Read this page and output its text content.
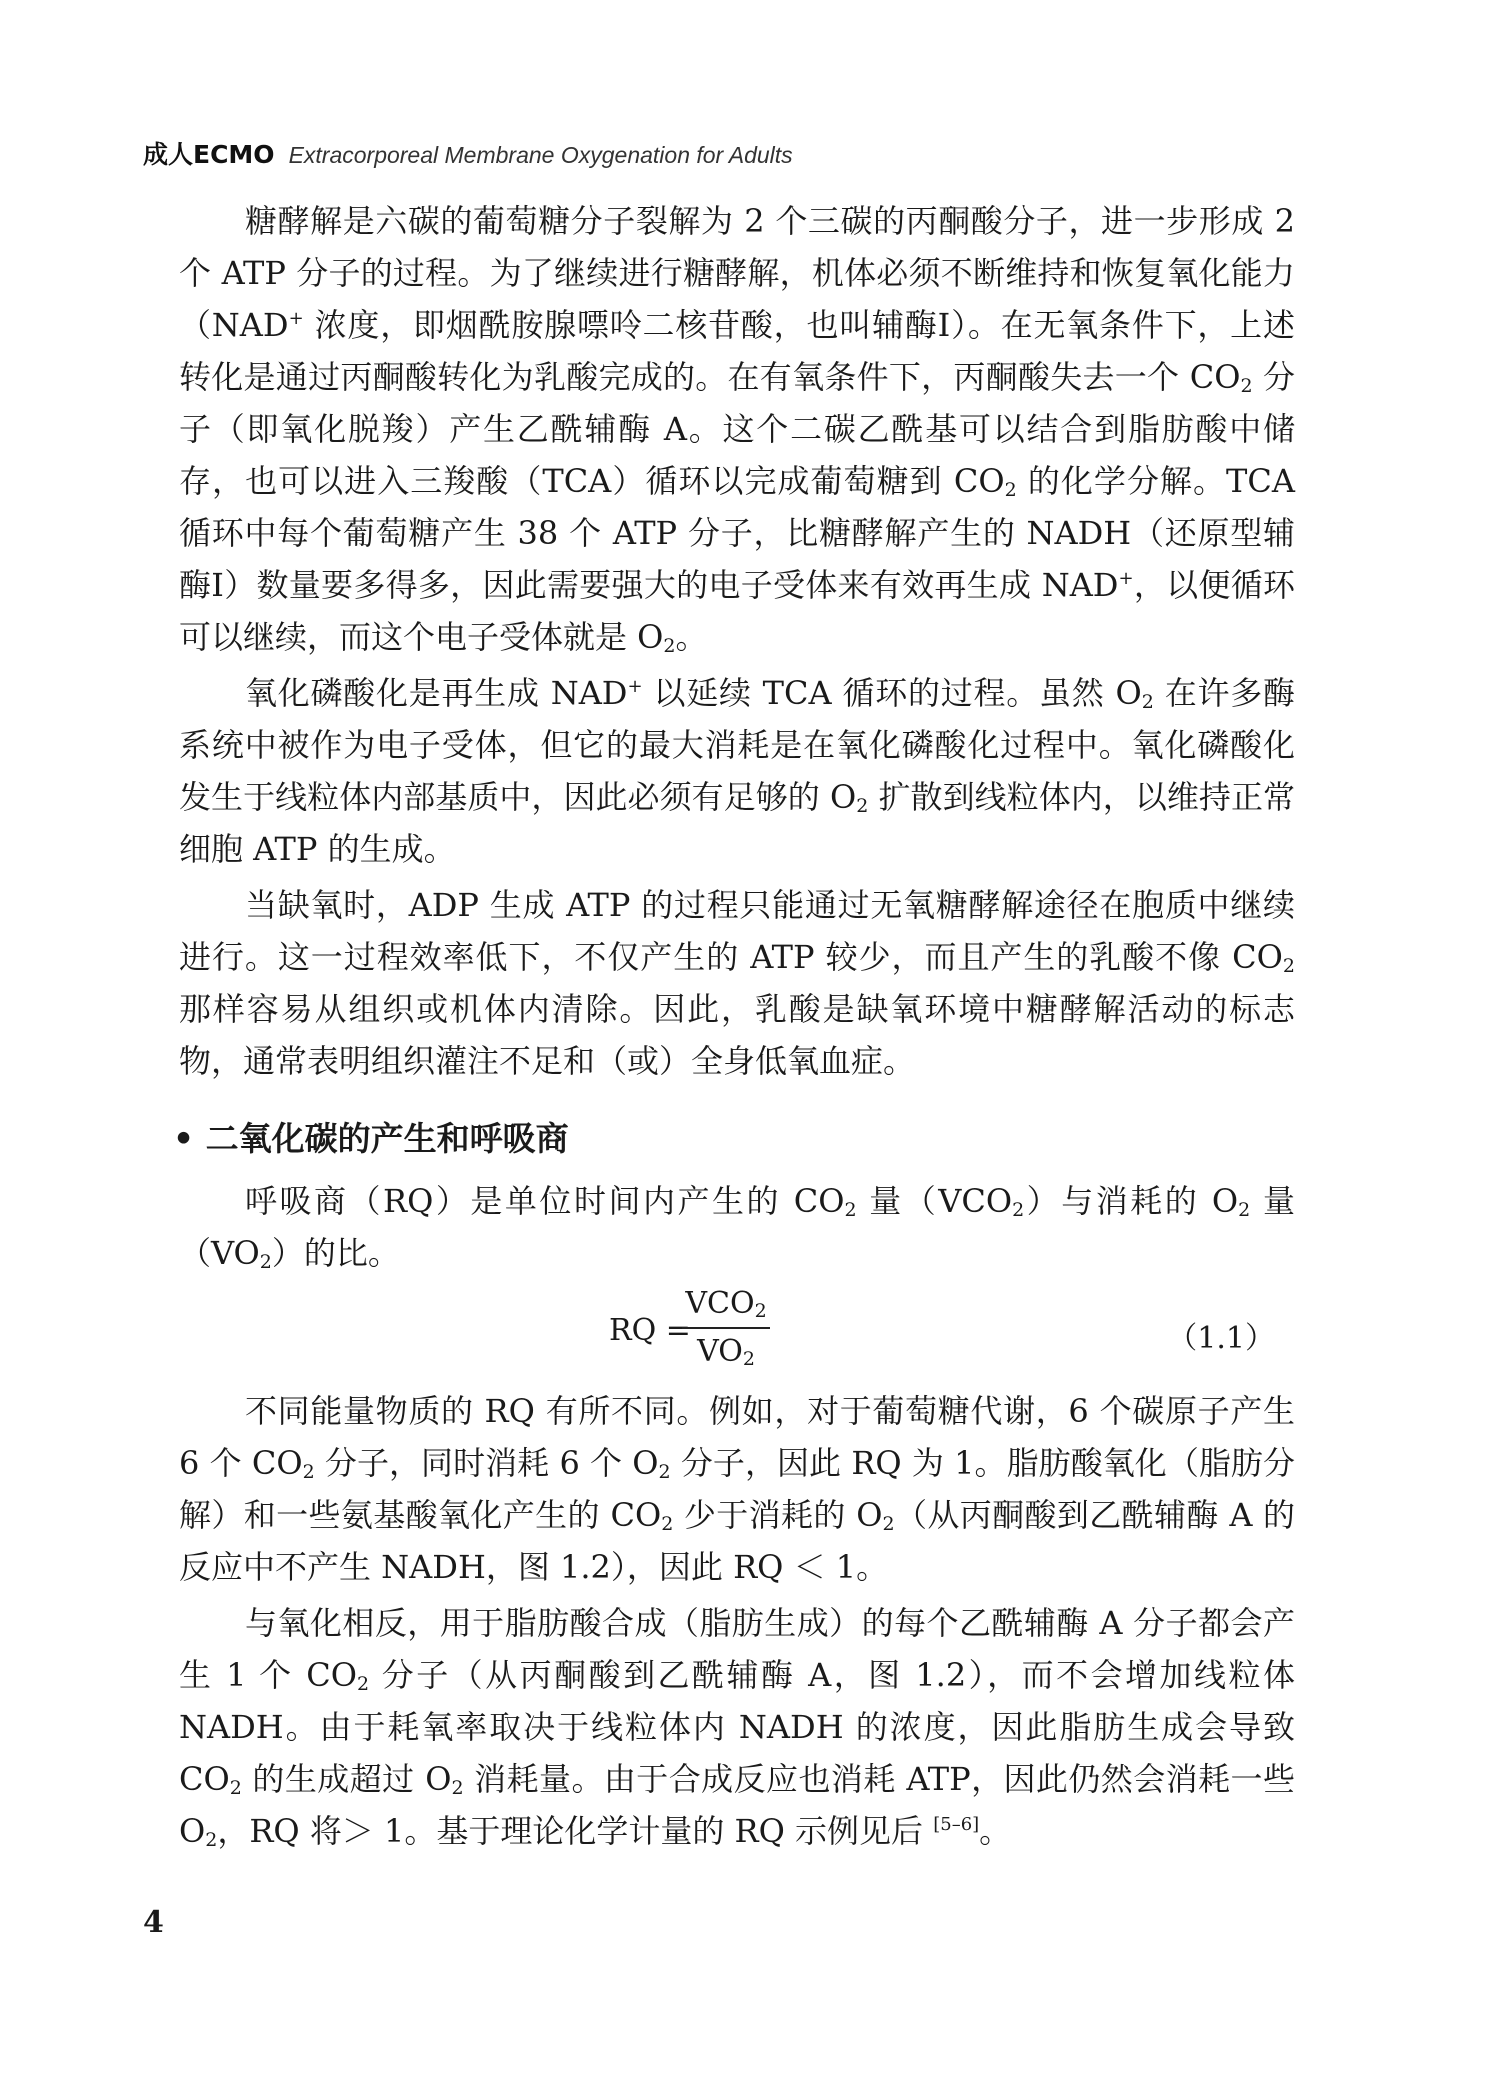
成人ECMO Extracorporeal Membrane Oxygenation for Adults

糖酵解是六碳的葡萄糖分子裂解为 2 个三碳的丙酮酸分子，进一步形成 2 个 ATP 分子的过程。为了继续进行糖酵解，机体必须不断维持和恢复氧化能力（NAD+ 浓度，即烟酰胺腺嘌呤二核苷酸，也叫辅酶Ⅰ）。在无氧条件下，上述转化是通过丙酮酸转化为乳酸完成的。在有氧条件下，丙酮酸失去一个 $CO_2$ 分子（即氧化脱羧）产生乙酰辅酶 A。这个二碳乙酰基可以结合到脂肪酸中储存，也可以进入三羧酸（TCA）循环以完成葡萄糖到 $CO_2$ 的化学分解。TCA 循环中每个葡萄糖产生 38 个 ATP 分子，比糖酵解产生的 NADH（还原型辅酶Ⅰ）数量要多得多，因此需要强大的电子受体来有效再生成 NAD+，以便循环可以继续，而这个电子受体就是 $O_2$。

氧化磷酸化是再生成 NAD+ 以延续 TCA 循环的过程。虽然 $O_2$ 在许多酶系统中被作为电子受体，但它的最大消耗是在氧化磷酸化过程中。氧化磷酸化发生于线粒体内部基质中，因此必须有足够的 $O_2$ 扩散到线粒体内，以维持正常细胞 ATP 的生成。

当缺氧时，ADP 生成 ATP 的过程只能通过无氧糖酵解途径在胞质中继续进行。这一过程效率低下，不仅产生的 ATP 较少，而且产生的乳酸不像 $CO_2$ 那样容易从组织或机体内清除。因此，乳酸是缺氧环境中糖酵解活动的标志物，通常表明组织灌注不足和（或）全身低氧血症。

• 二氧化碳的产生和呼吸商

呼吸商（RQ）是单位时间内产生的 $CO_2$ 量$(VCO_2)$与消耗的 $O_2$ 量$(VO_2)$的比。

RQ =
$VCO_2$
$VO_2$
（1.1）

不同能量物质的 RQ 有所不同。例如，对于葡萄糖代谢，6 个碳原子产生 6 个 $CO_2$ 分子，同时消耗 6 个 $O_2$ 分子，因此 RQ 为 1。脂肪酸氧化（脂肪分解）和一些氨基酸氧化产生的 $CO_2$ 少于消耗的 $O_2$（从丙酮酸到乙酰辅酶 A 的反应中不产生 NADH，图 1.2），因此 RQ ＜ 1。

与氧化相反，用于脂肪酸合成（脂肪生成）的每个乙酰辅酶 A 分子都会产生 1 个 $CO_2$ 分子（从丙酮酸到乙酰辅酶 A，图 1.2），而不会增加线粒体 NADH。由于耗氧率取决于线粒体内 NADH 的浓度，因此脂肪生成会导致 $CO_2$ 的生成超过 $O_2$ 消耗量。由于合成反应也消耗 ATP，因此仍然会消耗一些 $O_2$，RQ 将＞ 1。基于理论化学计量的 RQ 示例见后 [5–6]。

4
